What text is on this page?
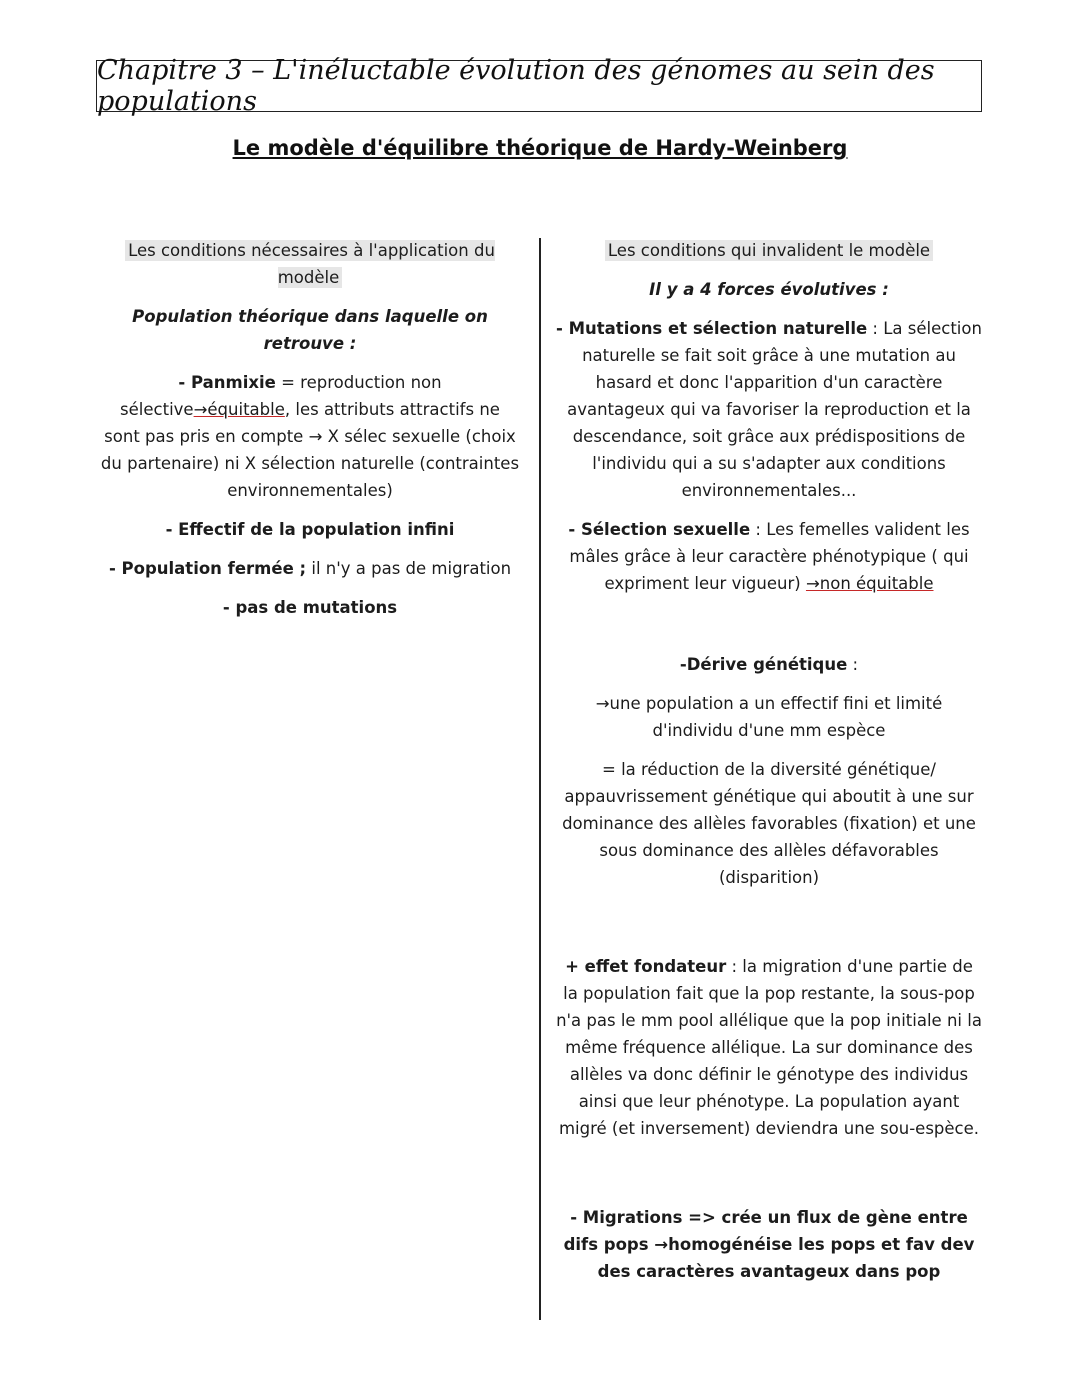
Chapitre 3 – L'inéluctable évolution des génomes au sein des populations
Le modèle d'équilibre théorique de Hardy-Weinberg

Les conditions nécessaires à l'application du modèle

Population théorique dans laquelle on retrouve :

- Panmixie = reproduction non sélective→équitable, les attributs attractifs ne sont pas pris en compte → X sélec sexuelle (choix du partenaire) ni X sélection naturelle (contraintes environnementales)

- Effectif de la population infini

- Population fermée ; il n'y a pas de migration

- pas de mutations

Les conditions qui invalident le modèle

Il y a 4 forces évolutives :

- Mutations et sélection naturelle : La sélection naturelle se fait soit grâce à une mutation au hasard et donc l'apparition d'un caractère avantageux qui va favoriser la reproduction et la descendance, soit grâce aux prédispositions de l'individu qui a su s'adapter aux conditions environnementales...

- Sélection sexuelle : Les femelles valident les mâles grâce à leur caractère phénotypique ( qui expriment leur vigueur) →non équitable

-Dérive génétique :

→une population a un effectif fini et limité d'individu d'une mm espèce

= la réduction de la diversité génétique/ appauvrissement génétique qui aboutit à une sur dominance des allèles favorables (fixation) et une sous dominance des allèles défavorables (disparition)

+ effet fondateur : la migration d'une partie de la population fait que la pop restante, la sous-pop n'a pas le mm pool allélique que la pop initiale ni la même fréquence allélique. La sur dominance des allèles va donc définir le génotype des individus ainsi que leur phénotype. La population ayant migré (et inversement) deviendra une sou-espèce.

- Migrations => crée un flux de gène entre difs pops →homogénéise les pops et fav dev des caractères avantageux dans pop
